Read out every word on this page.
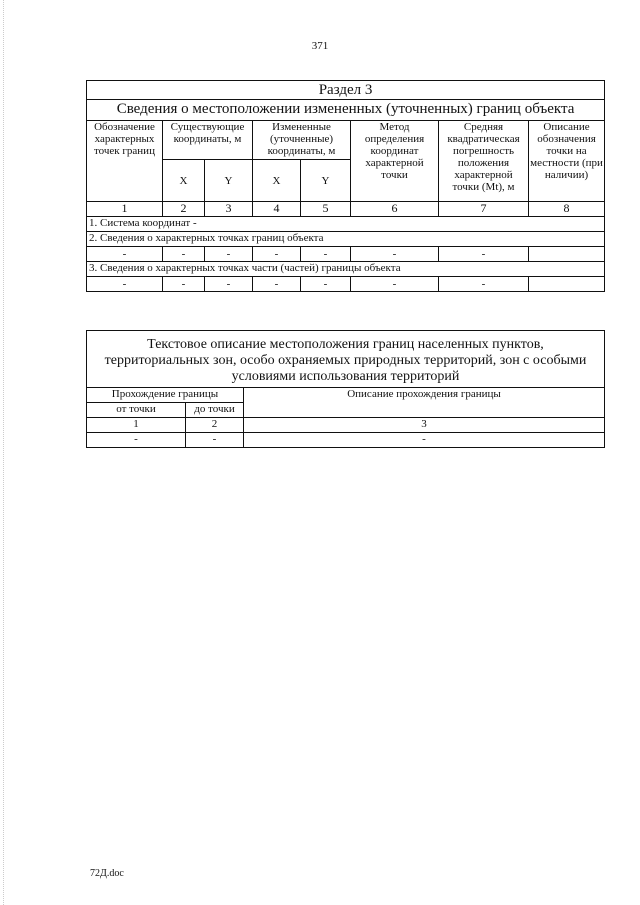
371
Раздел 3							
Сведения о местоположении измененных (уточненных) границ объекта							
Обозначение характерных точек границ	Существующие координаты, м		Измененные (уточненные) координаты, м		Метод определения координат характерной точки	Средняя квадратическая погрешность положения характерной точки (Mt), м	Описание обозначения точки на местности (при наличии)
	X	Y	X	Y			
1	2	3	4	5	6	7	8
1. Система координат -							
2. Сведения о характерных точках границ объекта							
-	-	-	-	-	-	-	
3. Сведения о характерных точках части (частей) границы объекта							
-	-	-	-	-	-	-	
Текстовое описание местоположения границ населенных пунктов, территориальных зон, особо охраняемых природных территорий, зон с особыми условиями использования территорий		
Прохождение границы		Описание прохождения границы
от точки	до точки	
1	2	3
-	-	-
72Д.doc
